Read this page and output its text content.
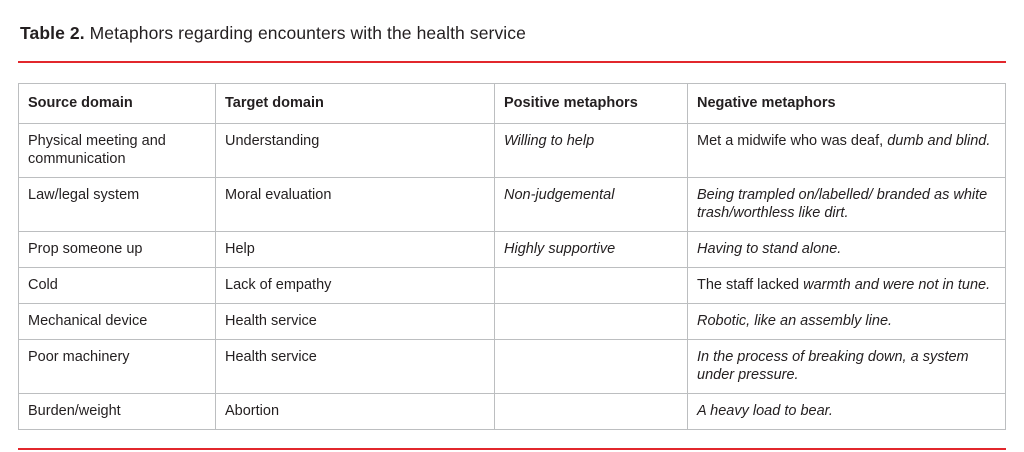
Table 2. Metaphors regarding encounters with the health service
Source domain	Target domain	Positive metaphors	Negative metaphors
Physical meeting and communication	Understanding	Willing to help	Met a midwife who was deaf, dumb and blind.
Law/legal system	Moral evaluation	Non-judgemental	Being trampled on/labelled/ branded as white trash/worthless like dirt.
Prop someone up	Help	Highly supportive	Having to stand alone.
Cold	Lack of empathy		The staff lacked warmth and were not in tune.
Mechanical device	Health service		Robotic, like an assembly line.
Poor machinery	Health service		In the process of breaking down, a system under pressure.
Burden/weight	Abortion		A heavy load to bear.
